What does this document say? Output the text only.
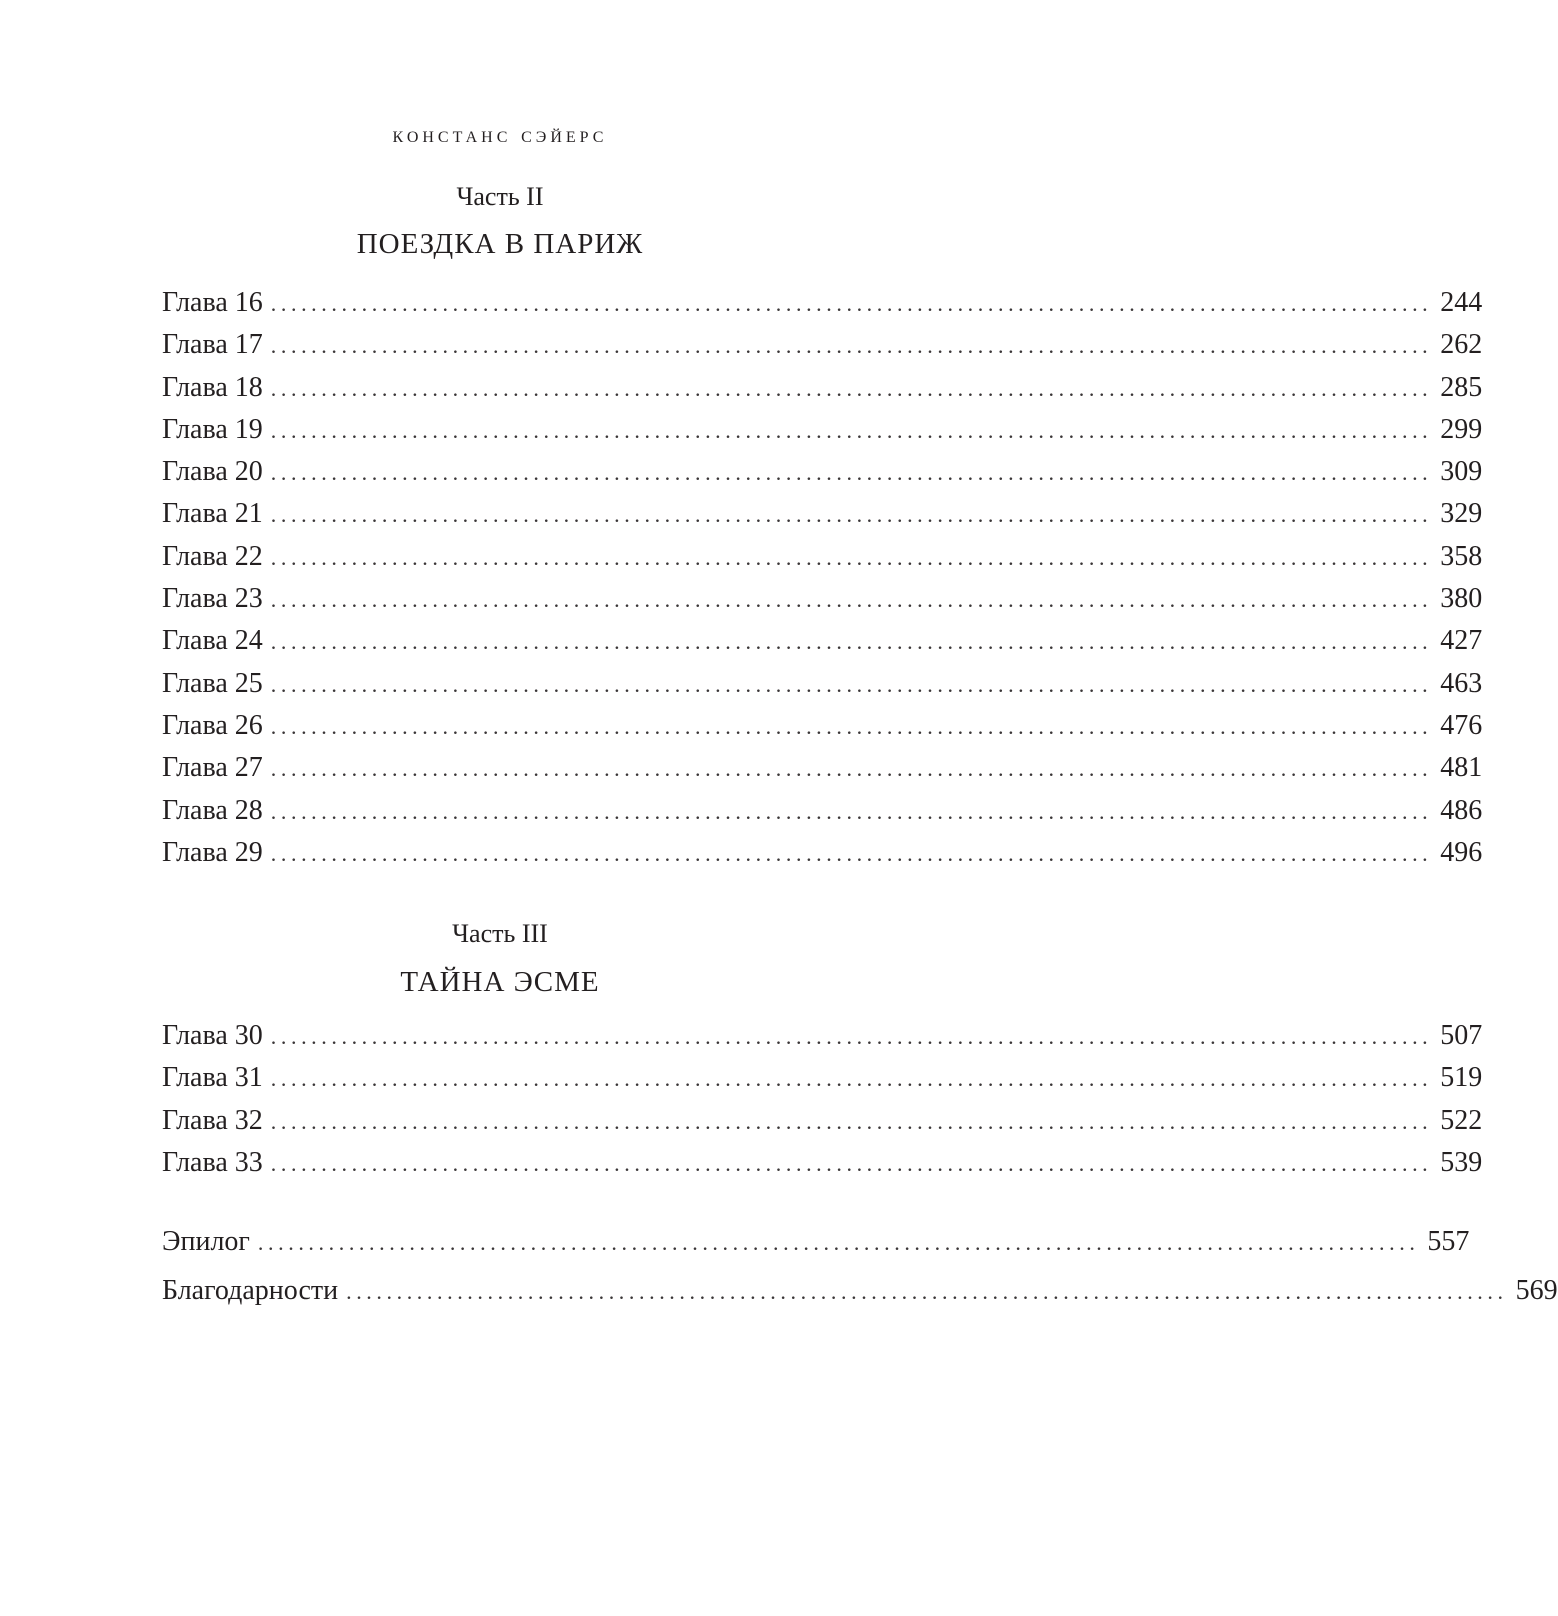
констанс сэйерс
Часть II
ПОЕЗДКА В ПАРИЖ
Глава 16 ................................................................................................................... 244
Глава 17 ................................................................................................................... 262
Глава 18 ................................................................................................................... 285
Глава 19 ................................................................................................................... 299
Глава 20 ................................................................................................................... 309
Глава 21 ................................................................................................................... 329
Глава 22 ................................................................................................................... 358
Глава 23 ................................................................................................................... 380
Глава 24 ................................................................................................................... 427
Глава 25 ................................................................................................................... 463
Глава 26 ................................................................................................................... 476
Глава 27 ................................................................................................................... 481
Глава 28 ................................................................................................................... 486
Глава 29 ................................................................................................................... 496
Часть III
ТАЙНА ЭСМЕ
Глава 30 ................................................................................................................... 507
Глава 31 ................................................................................................................... 519
Глава 32 ................................................................................................................... 522
Глава 33 ................................................................................................................... 539
Эпилог ................................................................................................................... 557
Благодарности ................................................................................................................... 569
